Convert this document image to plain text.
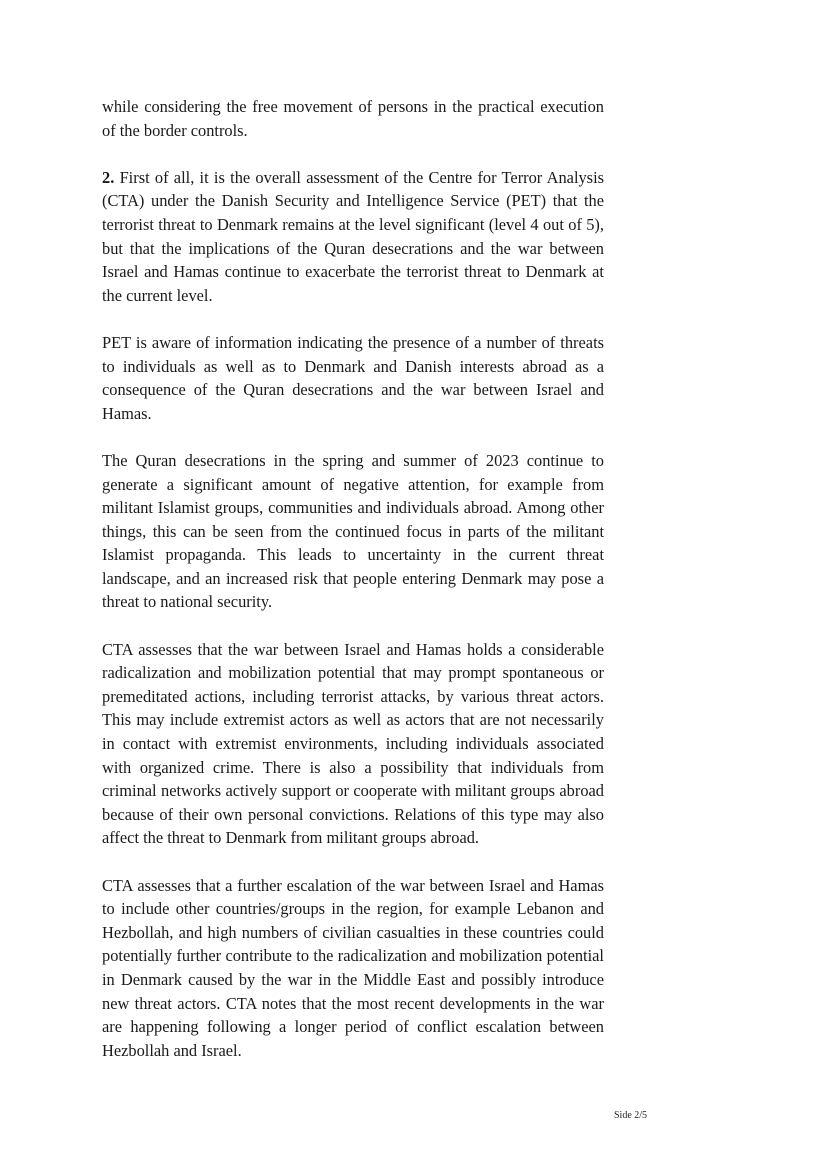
while considering the free movement of persons in the practical execution of the border controls.

2. First of all, it is the overall assessment of the Centre for Terror Analysis (CTA) under the Danish Security and Intelligence Service (PET) that the terrorist threat to Denmark remains at the level significant (level 4 out of 5), but that the implications of the Quran desecrations and the war between Israel and Hamas continue to exacerbate the terrorist threat to Denmark at the current level.

PET is aware of information indicating the presence of a number of threats to individuals as well as to Denmark and Danish interests abroad as a consequence of the Quran desecrations and the war between Israel and Hamas.

The Quran desecrations in the spring and summer of 2023 continue to generate a significant amount of negative attention, for example from militant Islamist groups, communities and individuals abroad. Among other things, this can be seen from the continued focus in parts of the militant Islamist propaganda. This leads to uncertainty in the current threat landscape, and an increased risk that people entering Denmark may pose a threat to national security.

CTA assesses that the war between Israel and Hamas holds a considerable radicalization and mobilization potential that may prompt spontaneous or premeditated actions, including terrorist attacks, by various threat actors. This may include extremist actors as well as actors that are not necessarily in contact with extremist environments, including individuals associated with organized crime. There is also a possibility that individuals from criminal networks actively support or cooperate with militant groups abroad because of their own personal convictions. Relations of this type may also affect the threat to Denmark from militant groups abroad.

CTA assesses that a further escalation of the war between Israel and Hamas to include other countries/groups in the region, for example Lebanon and Hezbollah, and high numbers of civilian casualties in these countries could potentially further contribute to the radicalization and mobilization potential in Denmark caused by the war in the Middle East and possibly introduce new threat actors. CTA notes that the most recent developments in the war are happening following a longer period of conflict escalation between Hezbollah and Israel.

Side 2/5
